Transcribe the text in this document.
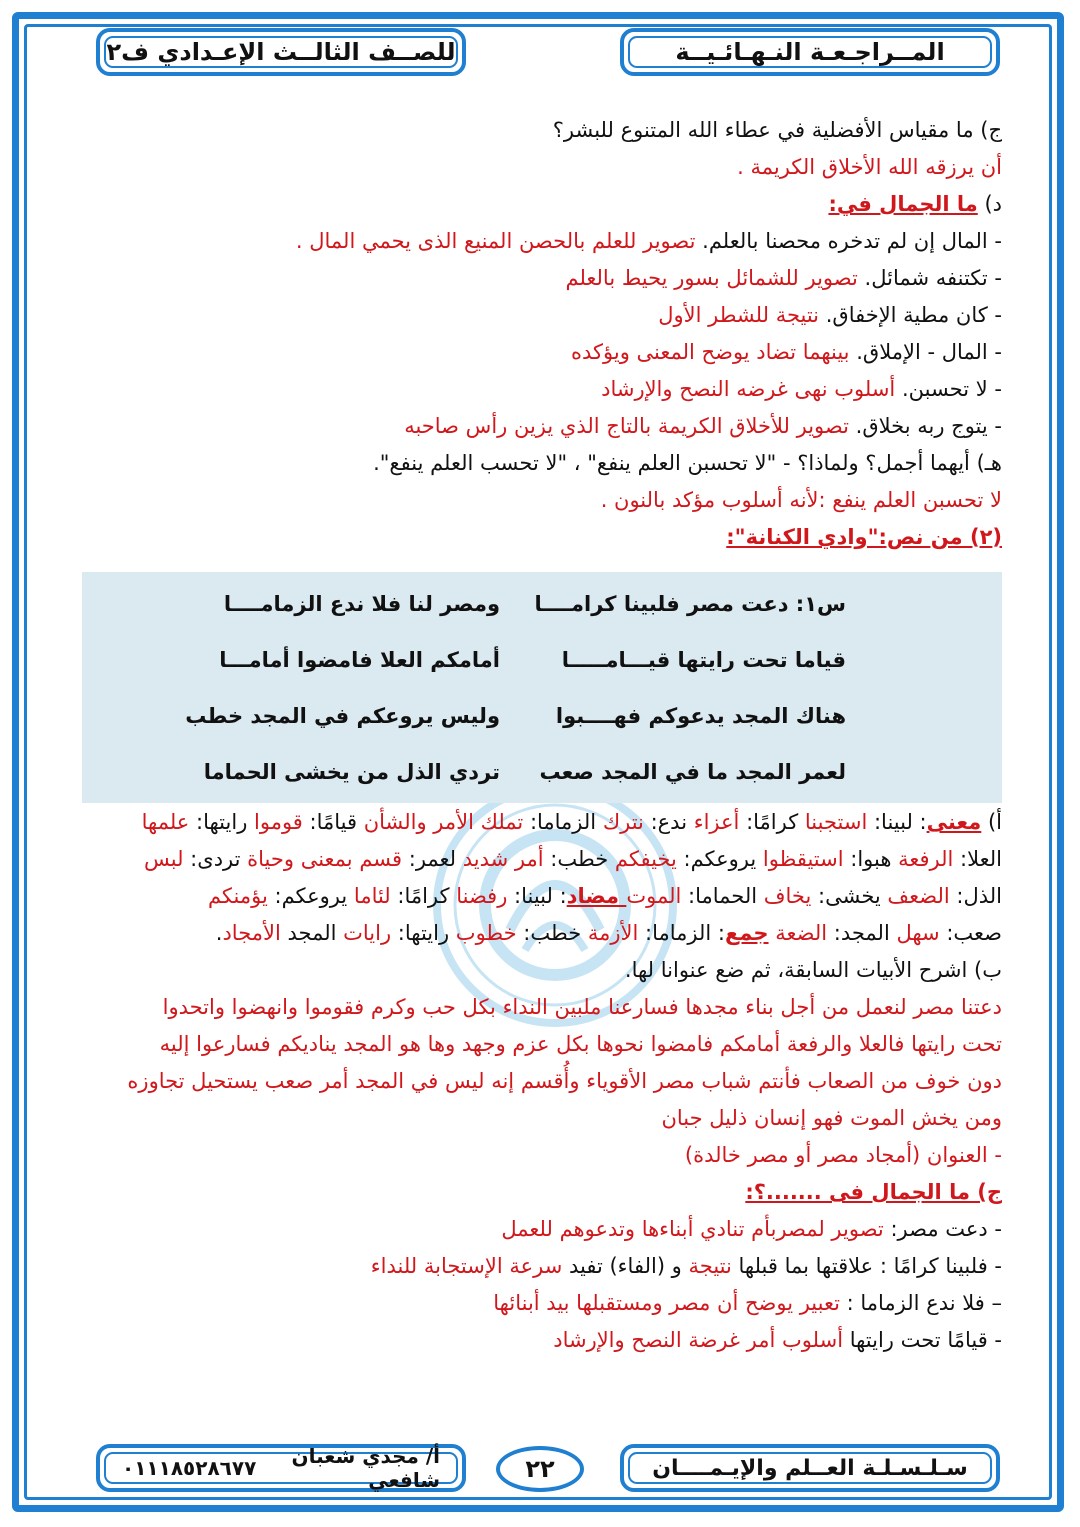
المــراجـعـة النـهـائـيــة
للصــف الثالــث الإعـدادي ف٢
ج) ما مقياس الأفضلية في عطاء الله المتنوع للبشر؟
أن يرزقه الله الأخلاق الكريمة .
د) ما الجمال في:
- المال إن لم تدخره محصنا بالعلم. تصوير للعلم بالحصن المنيع الذى يحمي المال .
- تكتنفه شمائل. تصوير للشمائل بسور يحيط بالعلم
- كان مطية الإخفاق. نتيجة للشطر الأول
- المال - الإملاق. بينهما تضاد يوضح المعنى ويؤكده
- لا تحسبن. أسلوب نهى غرضه النصح والإرشاد
- يتوج ربه بخلاق. تصوير للأخلاق الكريمة بالتاج الذي يزين رأس صاحبه
هـ) أيهما أجمل؟ ولماذا؟ - "لا تحسبن العلم ينفع" ، "لا تحسب العلم ينفع".
لا تحسبن العلم ينفع :لأنه أسلوب مؤكد بالنون .
(٢) من نص:"وادي الكنانة":
س١: دعت مصر فلبينا كرامــــا
ومصر لنا فلا ندع الزمامــــا
قياما تحت رايتها قيـــامـــــا
أمامكم العلا فامضوا أمامـــا
هناك المجد يدعوكم فهــــبوا
وليس يروعكم في المجد خطب
لعمر المجد ما في المجد صعب
تردي الذل من يخشى الحماما
أ) معنى: لبينا: استجبنا كرامًا: أعزاء ندع: نترك الزماما: تملك الأمر والشأن قيامًا: قوموا رايتها: علمها
العلا: الرفعة هبوا: استيقظوا يروعكم: يخيفكم خطب: أمر شديد لعمر: قسم بمعنى وحياة تردى: لبس
الذل: الضعف يخشى: يخاف الحماما: الموت مضاد: لبينا: رفضنا كرامًا: لئاما يروعكم: يؤمنكم
صعب: سهل المجد: الضعة جمع: الزماما: الأزمة خطب: خطوب رايتها: رايات المجد الأمجاد.
ب) اشرح الأبيات السابقة، ثم ضع عنوانا لها.
دعتنا مصر لنعمل من أجل بناء مجدها فسارعنا ملبين النداء بكل حب وكرم فقوموا وانهضوا واتحدوا
تحت رايتها فالعلا والرفعة أمامكم فامضوا نحوها بكل عزم وجهد وها هو المجد يناديكم فسارعوا إليه
دون خوف من الصعاب فأنتم شباب مصر الأقوياء وأُقسم إنه ليس في المجد أمر صعب يستحيل تجاوزه
ومن يخش الموت فهو إنسان ذليل جبان
- العنوان (أمجاد مصر أو مصر خالدة)
ج) ما الجمال فى .......؟:
- دعت مصر: تصوير لمصربأم تنادي أبناءها وتدعوهم للعمل
- فلبينا كرامًا : علاقتها بما قبلها نتيجة و (الفاء) تفيد سرعة الإستجابة للنداء
– فلا ندع الزماما : تعبير يوضح أن مصر ومستقبلها بيد أبنائها
- قيامًا تحت رايتها أسلوب أمر غرضة النصح والإرشاد
سـلـسـلـة العــلم والإيـمــــان
أ/ مجدي شعبان شافعي
٠١١١٨٥٢٨٦٧٧	٢٢
